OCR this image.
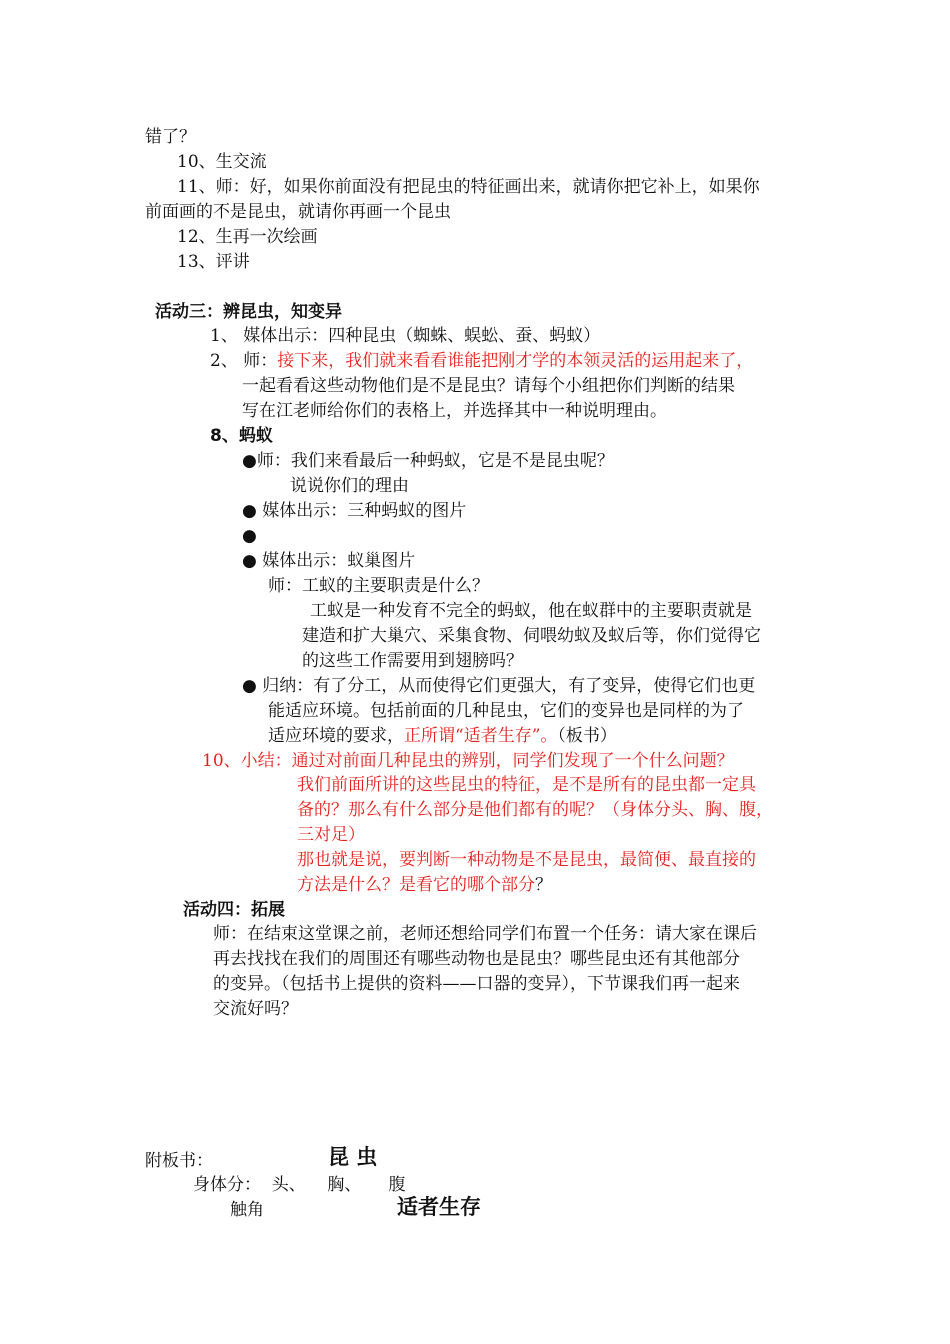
错了？
10、生交流
11、师：好，如果你前面没有把昆虫的特征画出来，就请你把它补上，如果你
前面画的不是昆虫，就请你再画一个昆虫
12、生再一次绘画
13、评讲
活动三：辨昆虫，知变异
1、 媒体出示：四种昆虫（蜘蛛、蜈蚣、蚕、蚂蚁）
2、 师：接下来，我们就来看看谁能把刚才学的本领灵活的运用起来了，
一起看看这些动物他们是不是昆虫？请每个小组把你们判断的结果
写在江老师给你们的表格上，并选择其中一种说明理由。
8、蚂蚁
●师：我们来看最后一种蚂蚁，它是不是昆虫呢？
说说你们的理由
● 媒体出示：三种蚂蚁的图片
●
● 媒体出示：蚁巢图片
师：工蚁的主要职责是什么？
工蚁是一种发育不完全的蚂蚁，他在蚁群中的主要职责就是
建造和扩大巢穴、采集食物、伺喂幼蚁及蚁后等，你们觉得它
的这些工作需要用到翅膀吗？
● 归纳：有了分工，从而使得它们更强大，有了变异，使得它们也更
能适应环境。包括前面的几种昆虫，它们的变异也是同样的为了
适应环境的要求，正所谓“适者生存”。（板书）
10、小结：通过对前面几种昆虫的辨别，同学们发现了一个什么问题？
我们前面所讲的这些昆虫的特征，是不是所有的昆虫都一定具
备的？那么有什么部分是他们都有的呢？（身体分头、胸、腹，
三对足）
那也就是说，要判断一种动物是不是昆虫，最简便、最直接的
方法是什么？是看它的哪个部分？
活动四：拓展
师：在结束这堂课之前，老师还想给同学们布置一个任务：请大家在课后
再去找找在我们的周围还有哪些动物也是昆虫？哪些昆虫还有其他部分
的变异。（包括书上提供的资料——口器的变异），下节课我们再一起来
交流好吗？
附板书：	昆 虫
身体分：  头、    胸、     腹
触角	适者生存
